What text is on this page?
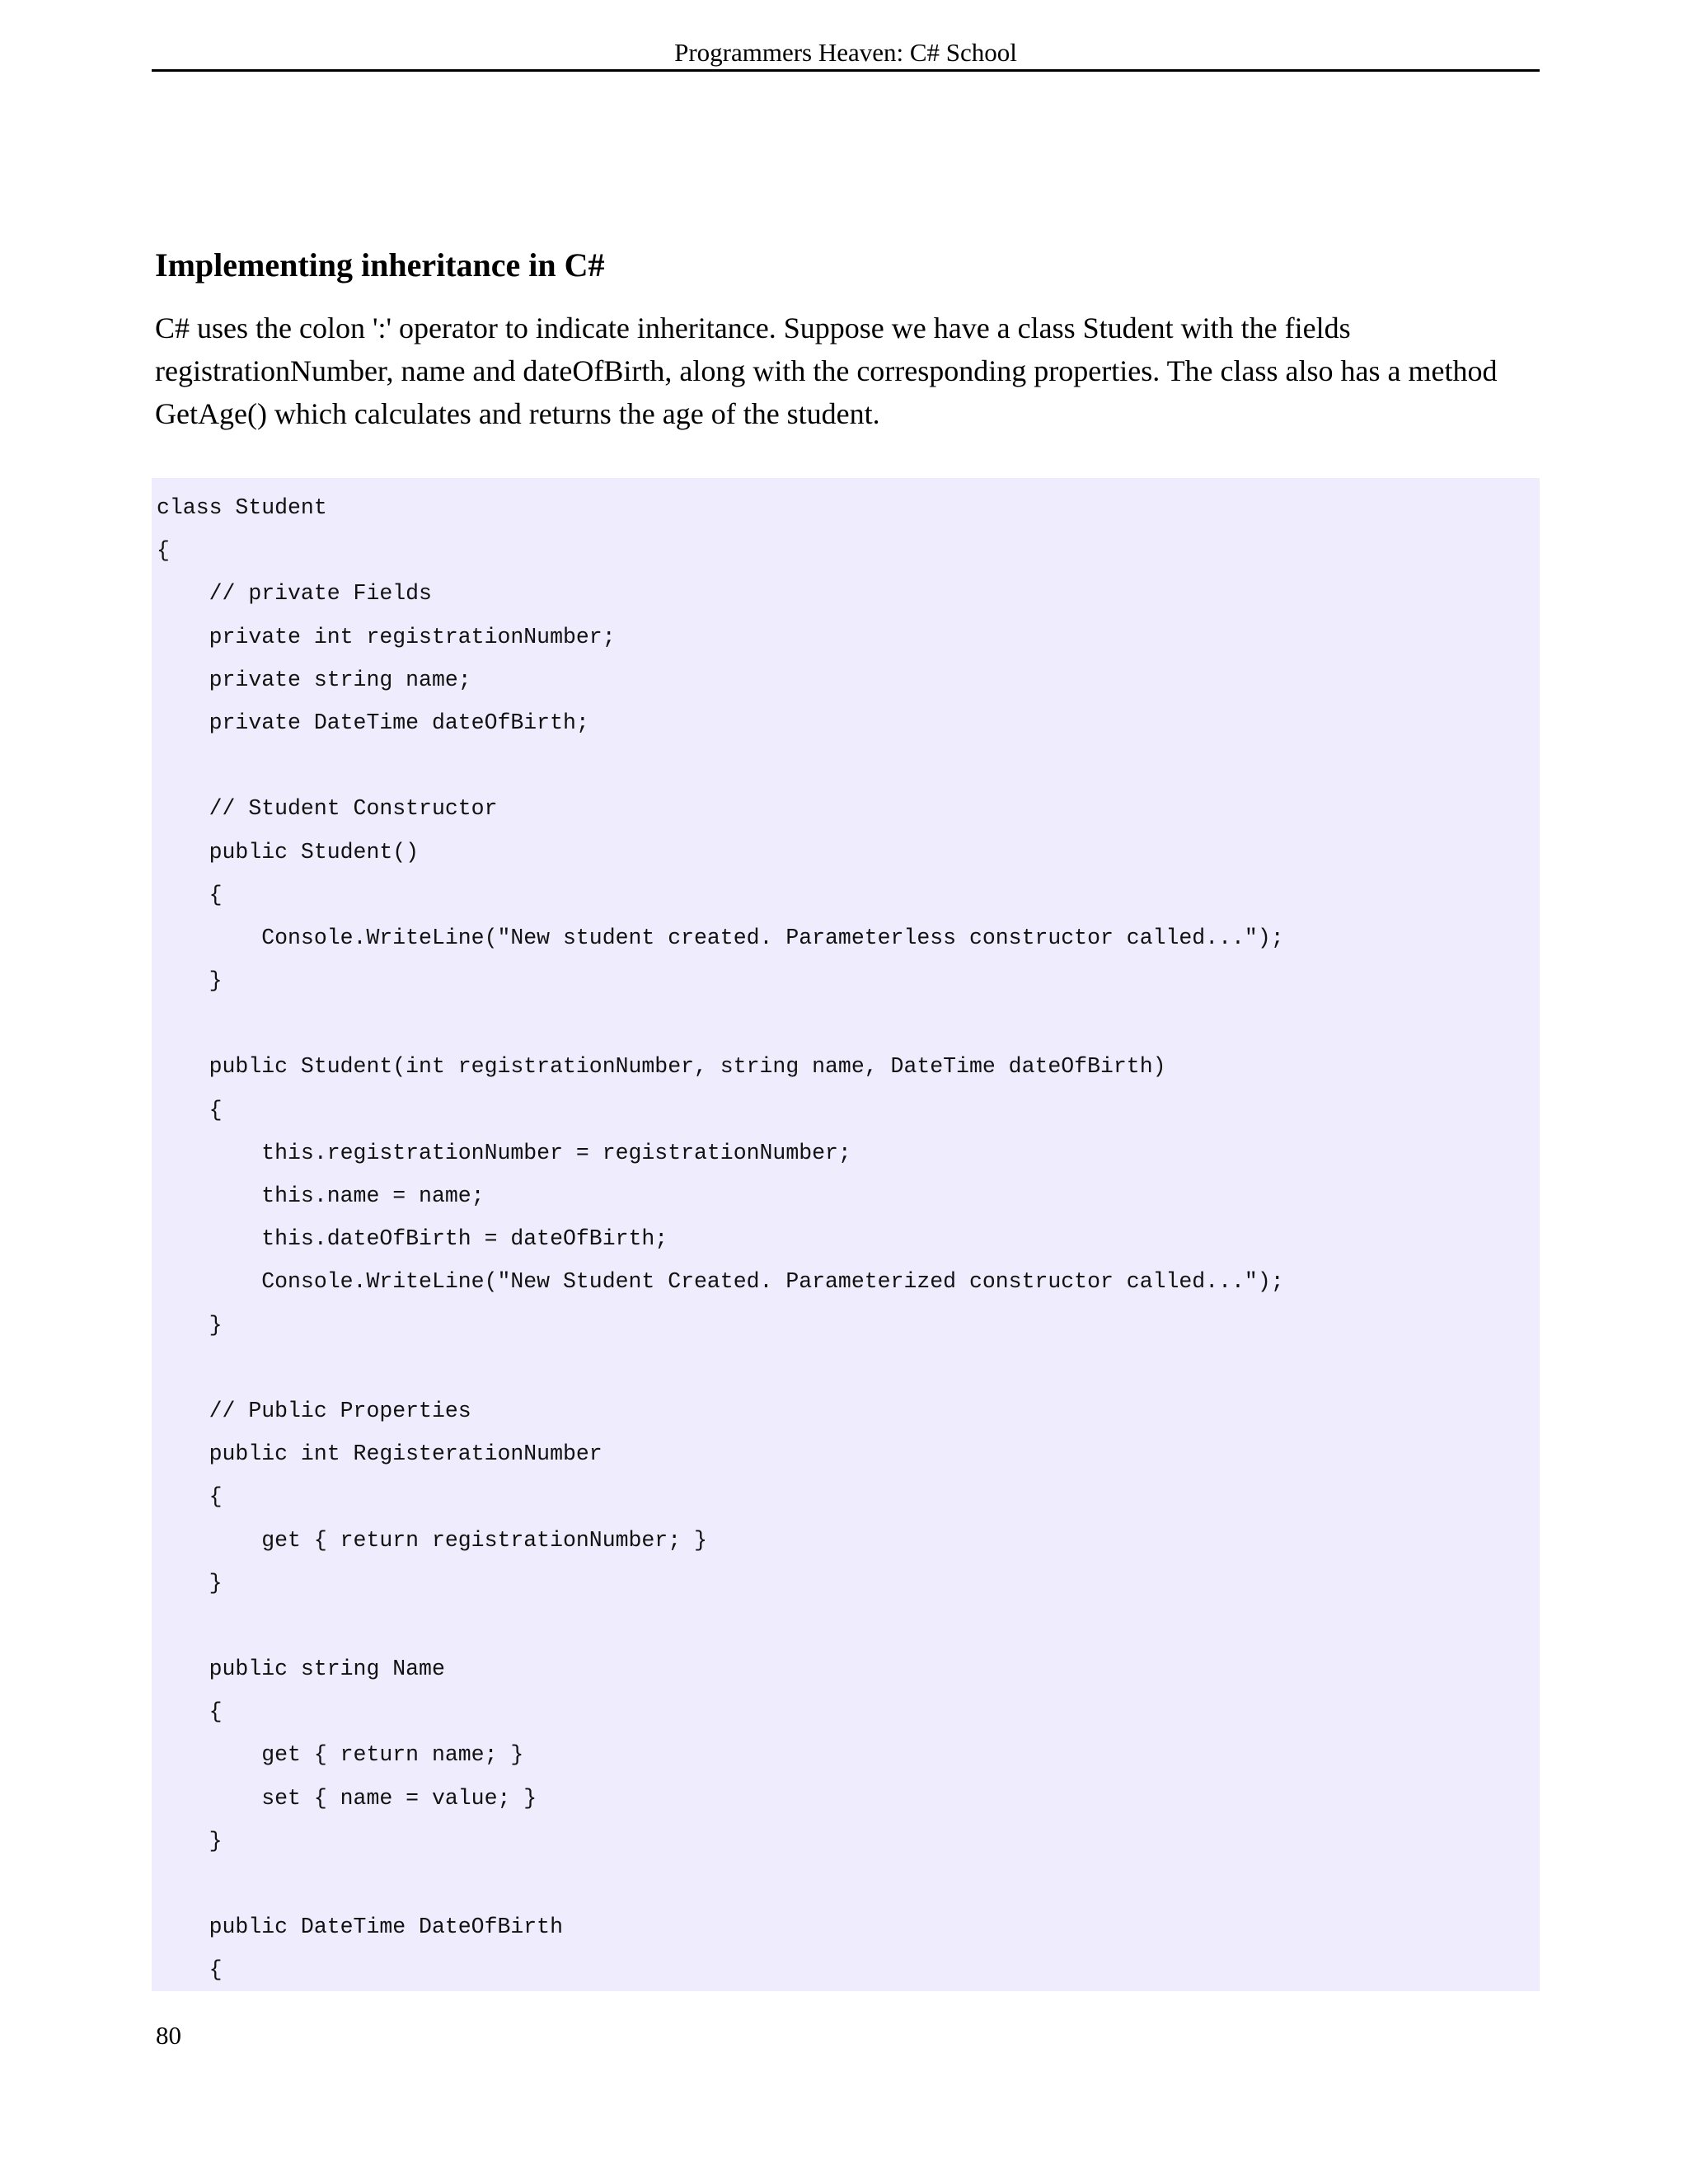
Programmers Heaven: C# School
Implementing inheritance in C#

C# uses the colon ':' operator to indicate inheritance. Suppose we have a class Student with the fields registrationNumber, name and dateOfBirth, along with the corresponding properties. The class also has a method GetAge() which calculates and returns the age of the student.

class Student
{
// private Fields
private int registrationNumber;
private string name;
private DateTime dateOfBirth;
// Student Constructor
public Student()
{
Console.WriteLine("New student created. Parameterless constructor called...");
}
public Student(int registrationNumber, string name, DateTime dateOfBirth)
{
this.registrationNumber = registrationNumber;
this.name = name;
this.dateOfBirth = dateOfBirth;
Console.WriteLine("New Student Created. Parameterized constructor called...");
}
// Public Properties
public int RegisterationNumber
{
get { return registrationNumber; }
}
public string Name
{
get { return name; }
set { name = value; }
}
public DateTime DateOfBirth
{
80
